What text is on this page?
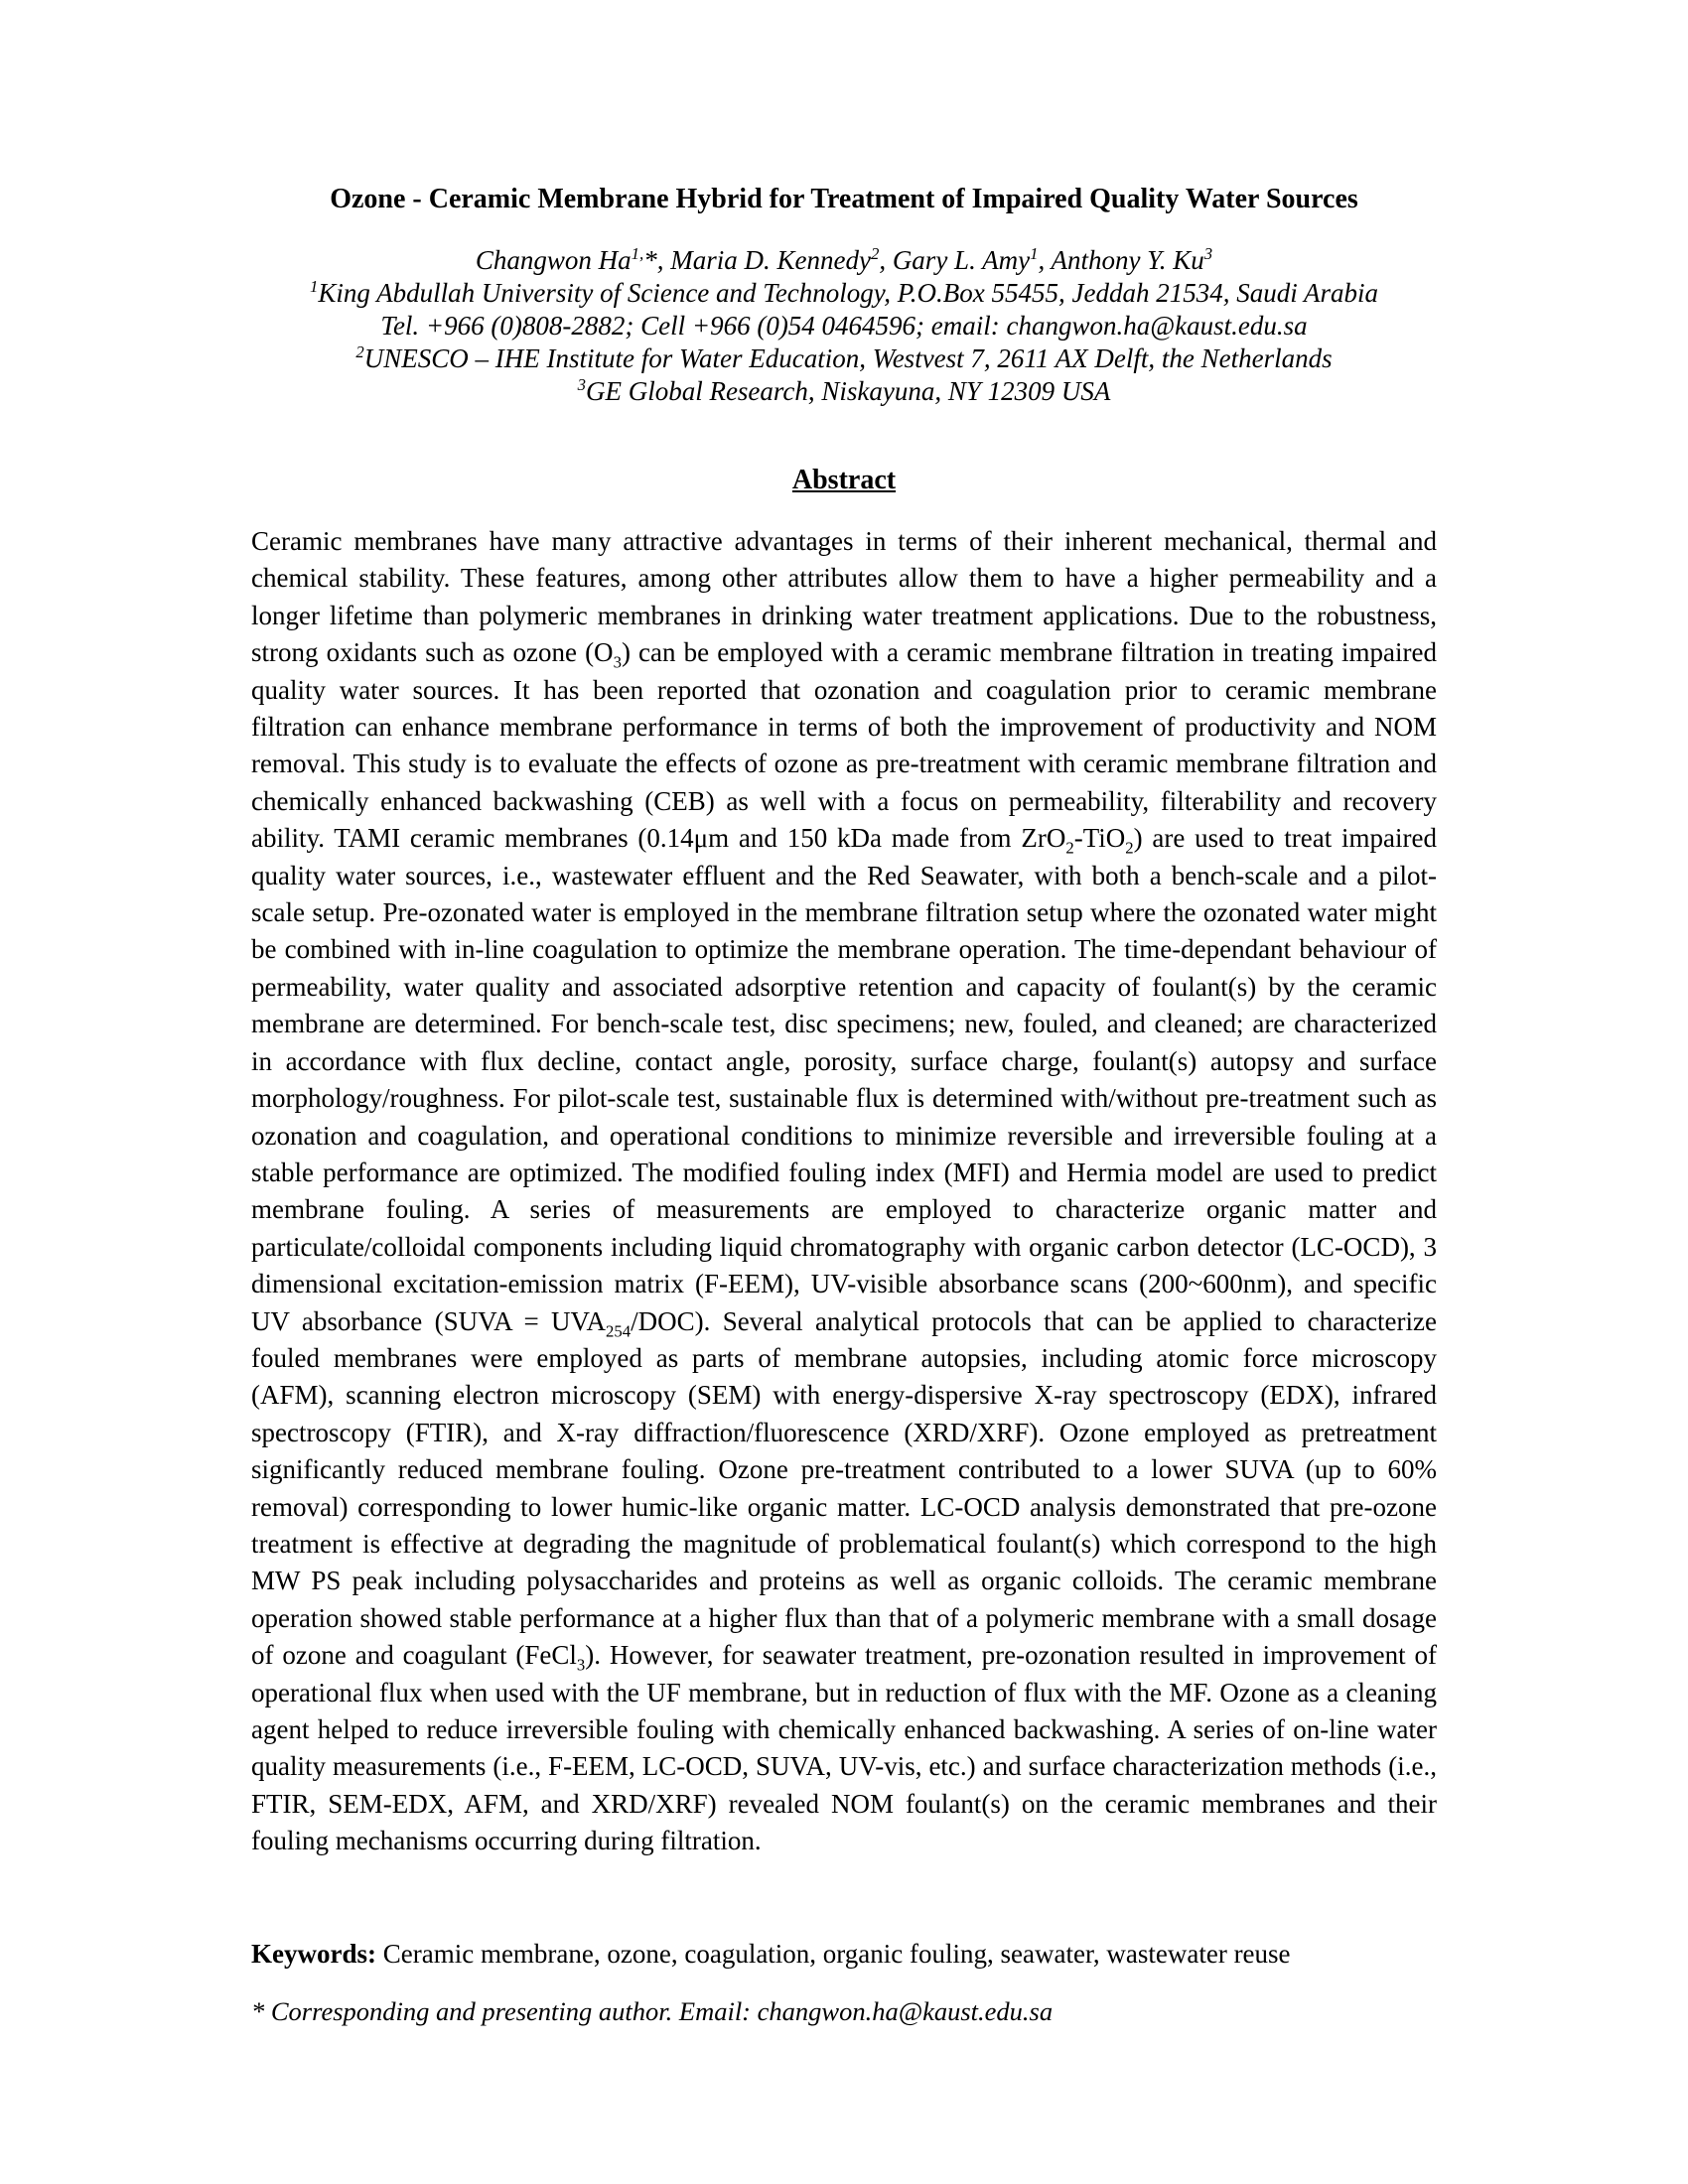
Ozone - Ceramic Membrane Hybrid for Treatment of Impaired Quality Water Sources
Changwon $Ha^{1,}*$, Maria D. Kennedy$^2$, Gary L. Amy$^1$, Anthony Y. Ku$^3$
$^1$King Abdullah University of Science and Technology, P.O.Box 55455, Jeddah 21534, Saudi Arabia
Tel. +966 (0)808-2882; Cell +966 (0)54 0464596; email: changwon.ha@kaust.edu.sa
$^2$UNESCO – IHE Institute for Water Education, Westvest 7, 2611 AX Delft, the Netherlands
$^3$GE Global Research, Niskayuna, NY 12309 USA
Abstract

Ceramic membranes have many attractive advantages in terms of their inherent mechanical, thermal and chemical stability. These features, among other attributes allow them to have a higher permeability and a longer lifetime than polymeric membranes in drinking water treatment applications. Due to the robustness, strong oxidants such as ozone $(O_3)$ can be employed with a ceramic membrane filtration in treating impaired quality water sources. It has been reported that ozonation and coagulation prior to ceramic membrane filtration can enhance membrane performance in terms of both the improvement of productivity and NOM removal. This study is to evaluate the effects of ozone as pre-treatment with ceramic membrane filtration and chemically enhanced backwashing (CEB) as well with a focus on permeability, filterability and recovery ability. TAMI ceramic membranes (0.14μm and 150 kDa made from ZrO$_2$-TiO$_2$) are used to treat impaired quality water sources, i.e., wastewater effluent and the Red Seawater, with both a bench-scale and a pilot-scale setup. Pre-ozonated water is employed in the membrane filtration setup where the ozonated water might be combined with in-line coagulation to optimize the membrane operation. The time-dependant behaviour of permeability, water quality and associated adsorptive retention and capacity of foulant(s) by the ceramic membrane are determined. For bench-scale test, disc specimens; new, fouled, and cleaned; are characterized in accordance with flux decline, contact angle, porosity, surface charge, foulant(s) autopsy and surface morphology/roughness. For pilot-scale test, sustainable flux is determined with/without pre-treatment such as ozonation and coagulation, and operational conditions to minimize reversible and irreversible fouling at a stable performance are optimized. The modified fouling index (MFI) and Hermia model are used to predict membrane fouling. A series of measurements are employed to characterize organic matter and particulate/colloidal components including liquid chromatography with organic carbon detector (LC-OCD), 3 dimensional excitation-emission matrix (F-EEM), UV-visible absorbance scans (200~600nm), and specific UV absorbance (SUVA = $UVA_{254}/DOC$). Several analytical protocols that can be applied to characterize fouled membranes were employed as parts of membrane autopsies, including atomic force microscopy (AFM), scanning electron microscopy (SEM) with energy-dispersive X-ray spectroscopy (EDX), infrared spectroscopy (FTIR), and X-ray diffraction/fluorescence (XRD/XRF). Ozone employed as pretreatment significantly reduced membrane fouling. Ozone pre-treatment contributed to a lower SUVA (up to 60% removal) corresponding to lower humic-like organic matter. LC-OCD analysis demonstrated that pre-ozone treatment is effective at degrading the magnitude of problematical foulant(s) which correspond to the high MW PS peak including polysaccharides and proteins as well as organic colloids. The ceramic membrane operation showed stable performance at a higher flux than that of a polymeric membrane with a small dosage of ozone and coagulant (FeCl$_3$). However, for seawater treatment, pre-ozonation resulted in improvement of operational flux when used with the UF membrane, but in reduction of flux with the MF. Ozone as a cleaning agent helped to reduce irreversible fouling with chemically enhanced backwashing. A series of on-line water quality measurements (i.e., F-EEM, LC-OCD, SUVA, UV-vis, etc.) and surface characterization methods (i.e., FTIR, SEM-EDX, AFM, and XRD/XRF) revealed NOM foulant(s) on the ceramic membranes and their fouling mechanisms occurring during filtration.

Keywords: Ceramic membrane, ozone, coagulation, organic fouling, seawater, wastewater reuse
* Corresponding and presenting author. Email: changwon.ha@kaust.edu.sa
